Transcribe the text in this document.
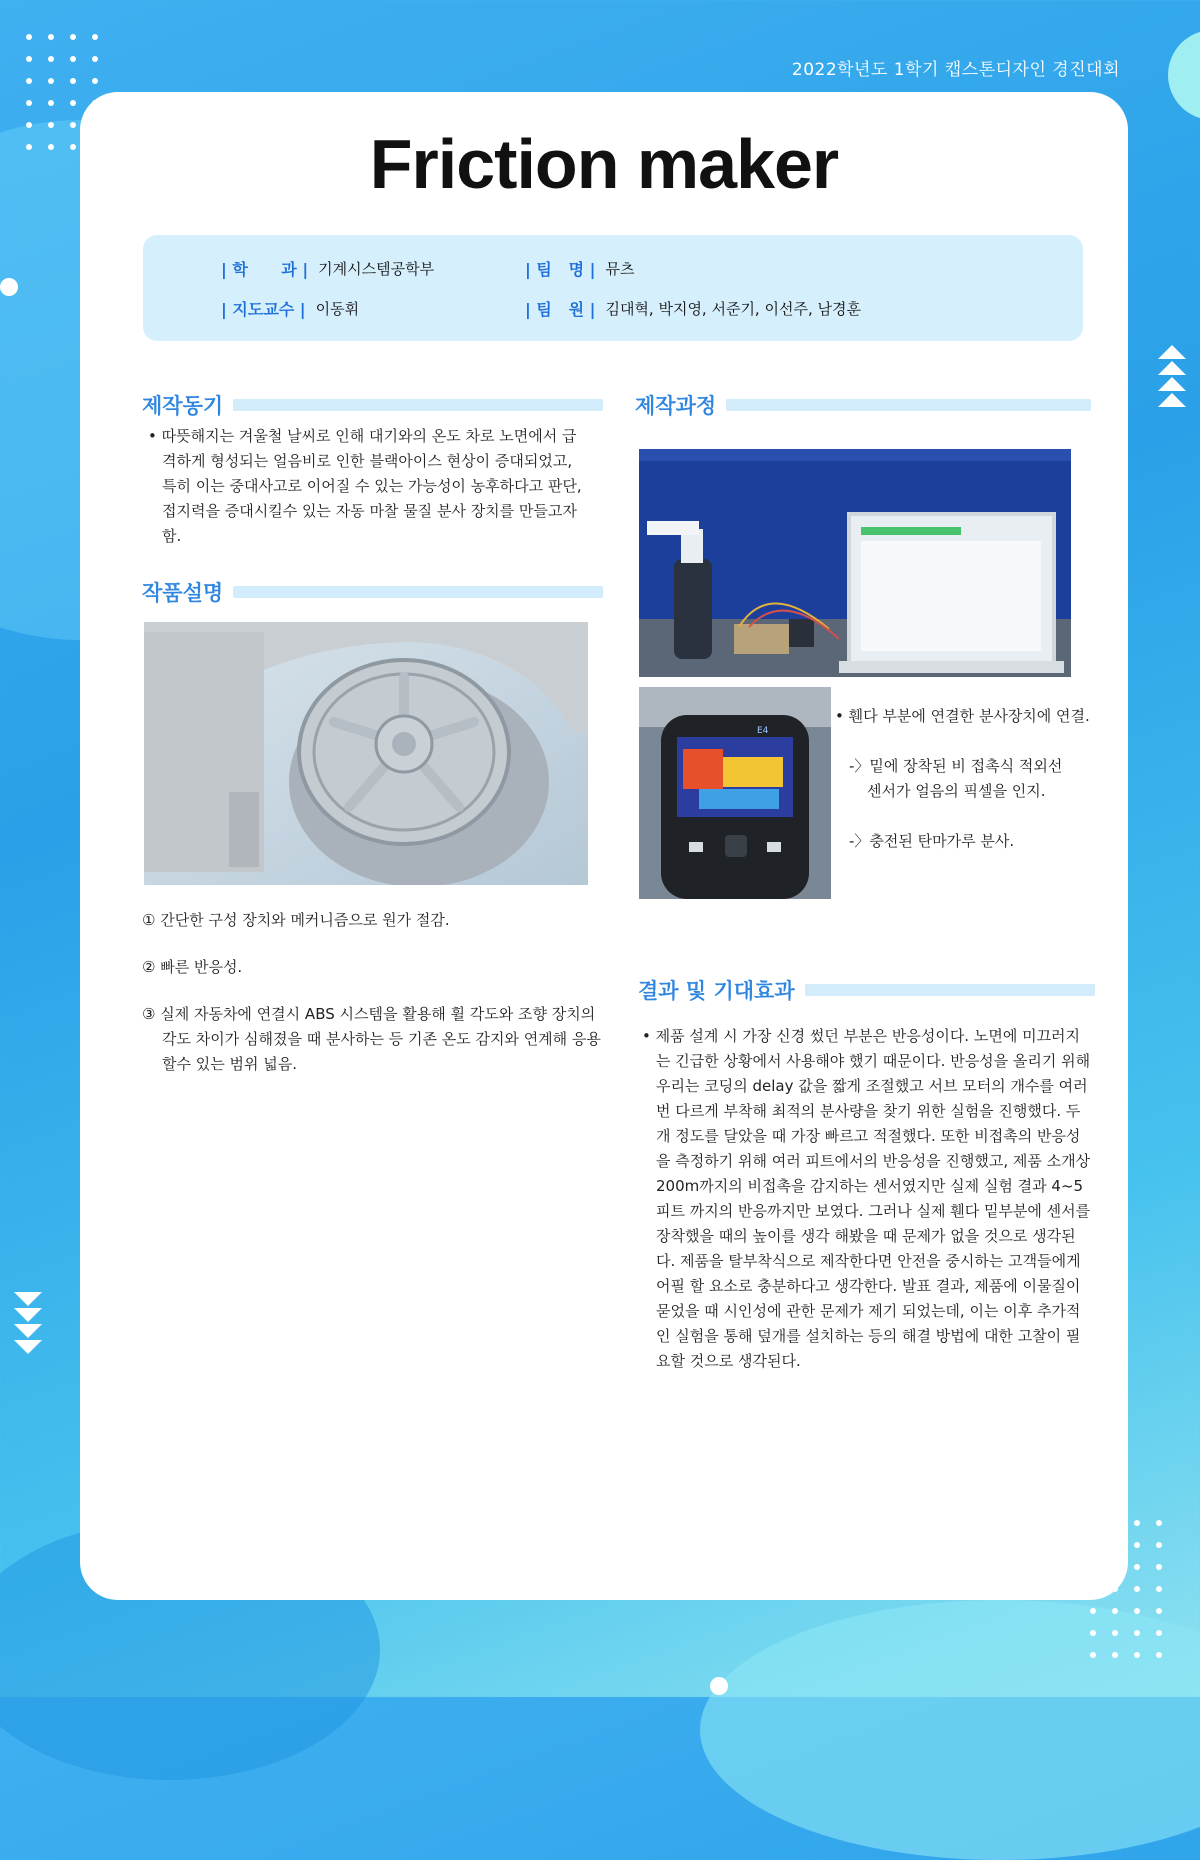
2022학년도 1학기 캡스톤디자인 경진대회
Friction maker
| 학      과 | 기계시스템공학부
| 지도교수 | 이동휘
| 팀   명 | 뮤츠
| 팀   원 | 김대혁, 박지영, 서준기, 이선주, 남경훈
제작동기

• 따뜻해지는 겨울철 날씨로 인해 대기와의 온도 차로 노면에서 급격하게 형성되는 얼음비로 인한 블랙아이스 현상이 증대되었고, 특히 이는 중대사고로 이어질 수 있는 가능성이 농후하다고 판단, 접지력을 증대시킬수 있는 자동 마찰 물질 분사 장치를 만들고자 함.

작품설명
① 간단한 구성 장치와 메커니즘으로 원가 절감.
② 빠른 반응성.
③ 실제 자동차에 연결시 ABS 시스템을 활용해 휠 각도와 조향 장치의 각도 차이가 심해졌을 때 분사하는 등 기존 온도 감지와 연계해 응용할수 있는 범위 넓음.
제작과정
E4
• 휀다 부분에 연결한 분사장치에 연결.
-〉밑에 장착된 비 접촉식 적외선 센서가 얼음의 픽셀을 인지.
-〉충전된 탄마가루 분사.
결과 및 기대효과

• 제품 설계 시 가장 신경 썼던 부분은 반응성이다. 노면에 미끄러지는 긴급한 상황에서 사용해야 했기 때문이다. 반응성을 올리기 위해 우리는 코딩의 delay 값을 짧게 조절했고 서브 모터의 개수를 여러 번 다르게 부착해 최적의 분사량을 찾기 위한 실험을 진행했다. 두 개 정도를 달았을 때 가장 빠르고 적절했다. 또한 비접촉의 반응성을 측정하기 위해 여러 피트에서의 반응성을 진행했고, 제품 소개상 200m까지의 비접촉을 감지하는 센서였지만 실제 실험 결과 4~5피트 까지의 반응까지만 보였다. 그러나 실제 휀다 밑부분에 센서를 장착했을 때의 높이를 생각 해봤을 때 문제가 없을 것으로 생각된다. 제품을 탈부착식으로 제작한다면 안전을 중시하는 고객들에게 어필 할 요소로 충분하다고 생각한다. 발표 결과, 제품에 이물질이 묻었을 때 시인성에 관한 문제가 제기 되었는데, 이는 이후 추가적인 실험을 통해 덮개를 설치하는 등의 해결 방법에 대한 고찰이 필요할 것으로 생각된다.
